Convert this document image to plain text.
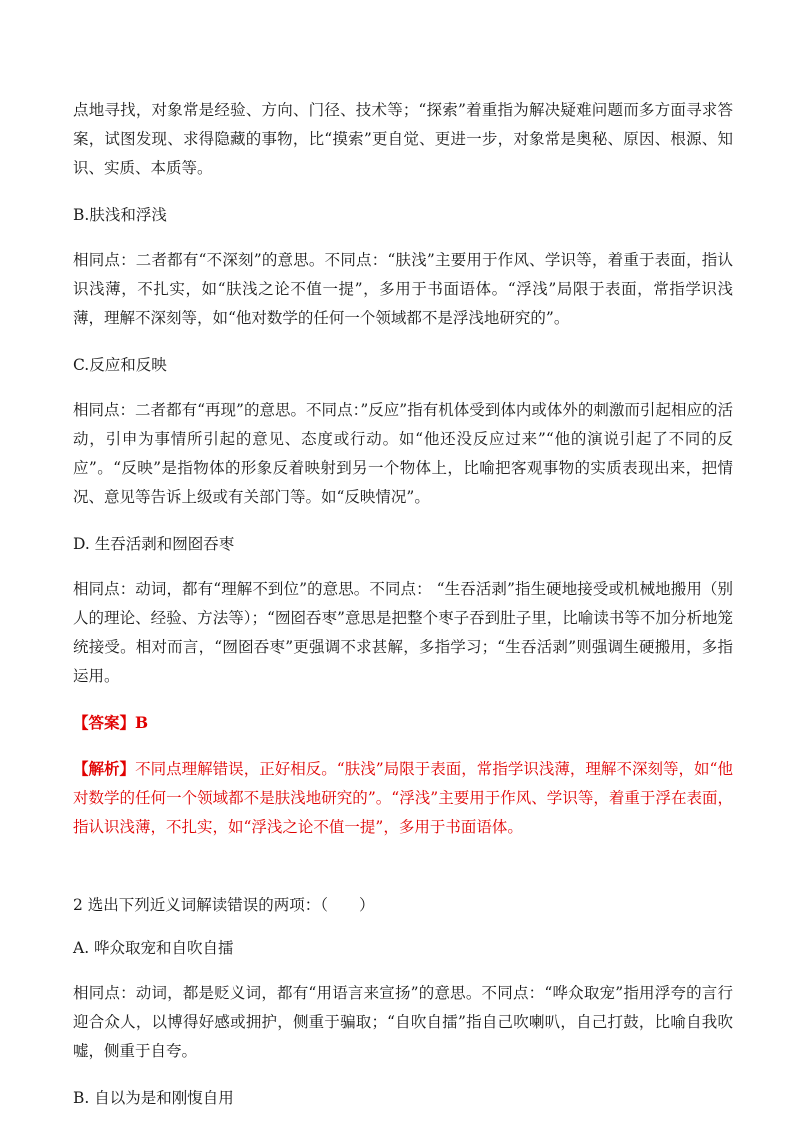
点地寻找，对象常是经验、方向、门径、技术等；“探索”着重指为解决疑难问题而多方面寻求答案，试图发现、求得隐藏的事物，比“摸索”更自觉、更进一步，对象常是奥秘、原因、根源、知识、实质、本质等。

B.肤浅和浮浅

相同点：二者都有“不深刻”的意思。不同点：“肤浅”主要用于作风、学识等，着重于表面，指认识浅薄，不扎实，如“肤浅之论不值一提”，多用于书面语体。“浮浅”局限于表面，常指学识浅薄，理解不深刻等，如“他对数学的任何一个领域都不是浮浅地研究的”。

C.反应和反映

相同点：二者都有“再现”的意思。不同点：”反应”指有机体受到体内或体外的刺激而引起相应的活动，引申为事情所引起的意见、态度或行动。如“他还没反应过来”“他的演说引起了不同的反应”。“反映”是指物体的形象反着映射到另一个物体上，比喻把客观事物的实质表现出来，把情况、意见等告诉上级或有关部门等。如“反映情况”。

D. 生吞活剥和囫囵吞枣

相同点：动词，都有“理解不到位”的意思。不同点： “生吞活剥”指生硬地接受或机械地搬用（别人的理论、经验、方法等）；“囫囵吞枣”意思是把整个枣子吞到肚子里，比喻读书等不加分析地笼统接受。相对而言，“囫囵吞枣”更强调不求甚解，多指学习；“生吞活剥”则强调生硬搬用，多指运用。

【答案】B

【解析】不同点理解错误，正好相反。“肤浅”局限于表面，常指学识浅薄，理解不深刻等，如“他对数学的任何一个领域都不是肤浅地研究的”。“浮浅”主要用于作风、学识等，着重于浮在表面，指认识浅薄，不扎实，如“浮浅之论不值一提”，多用于书面语体。

2 选出下列近义词解读错误的两项：（　　）

A. 哗众取宠和自吹自擂

相同点：动词，都是贬义词，都有“用语言来宣扬”的意思。不同点：“哗众取宠”指用浮夸的言行迎合众人，以博得好感或拥护，侧重于骗取；“自吹自擂”指自己吹喇叭，自己打鼓，比喻自我吹嘘，侧重于自夸。

B. 自以为是和刚愎自用
